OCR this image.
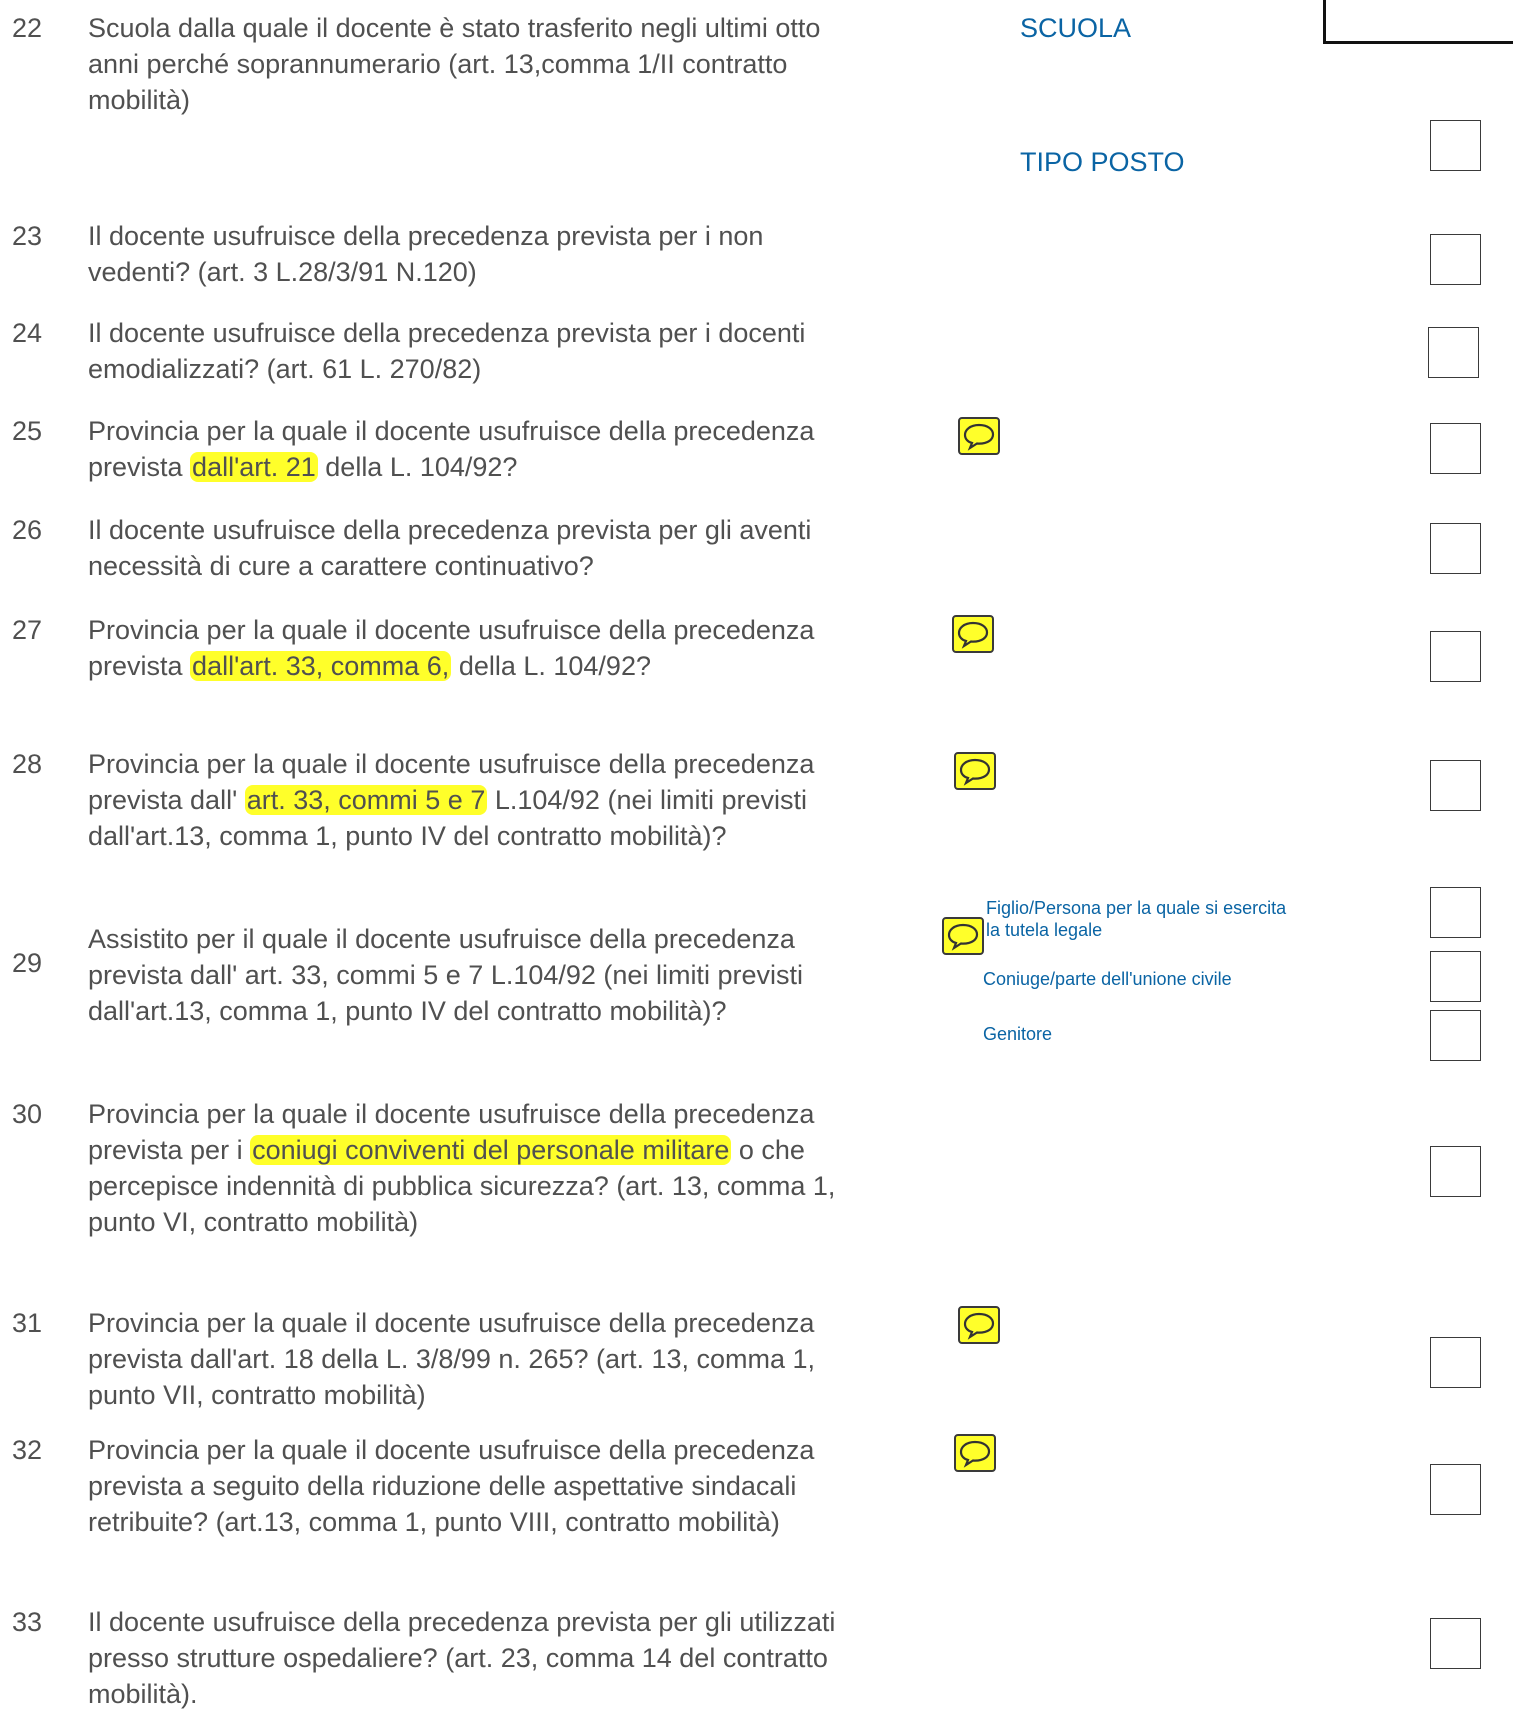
22 Scuola dalla quale il docente è stato trasferito negli ultimi otto
anni perché soprannumerario (art. 13,comma 1/II contratto
mobilità)
SCUOLA
TIPO POSTO
23 Il docente usufruisce della precedenza prevista per i non
vedenti? (art. 3 L.28/3/91 N.120)
24 Il docente usufruisce della precedenza prevista per i docenti
emodializzati? (art. 61 L. 270/82)
25 Provincia per la quale il docente usufruisce della precedenza
prevista dall'art. 21 della L. 104/92?
26 Il docente usufruisce della precedenza prevista per gli aventi
necessità di cure a carattere continuativo?
27 Provincia per la quale il docente usufruisce della precedenza
prevista dall'art. 33, comma 6, della L. 104/92?
28 Provincia per la quale il docente usufruisce della precedenza
prevista dall' art. 33, commi 5 e 7 L.104/92 (nei limiti previsti
dall'art.13, comma 1, punto IV del contratto mobilità)?
29
Assistito per il quale il docente usufruisce della precedenza
prevista dall' art. 33, commi 5 e 7 L.104/92 (nei limiti previsti
dall'art.13, comma 1, punto IV del contratto mobilità)?
Figlio/Persona per la quale si esercita
la tutela legale
Coniuge/parte dell'unione civile
Genitore
30 Provincia per la quale il docente usufruisce della precedenza
prevista per i coniugi conviventi del personale militare o che
percepisce indennità di pubblica sicurezza? (art. 13, comma 1,
punto VI, contratto mobilità)
31 Provincia per la quale il docente usufruisce della precedenza
prevista dall'art. 18 della L. 3/8/99 n. 265? (art. 13, comma 1,
punto VII, contratto mobilità)
32 Provincia per la quale il docente usufruisce della precedenza
prevista a seguito della riduzione delle aspettative sindacali
retribuite? (art.13, comma 1, punto VIII, contratto mobilità)
33 Il docente usufruisce della precedenza prevista per gli utilizzati
presso strutture ospedaliere? (art. 23, comma 14 del contratto
mobilità).
